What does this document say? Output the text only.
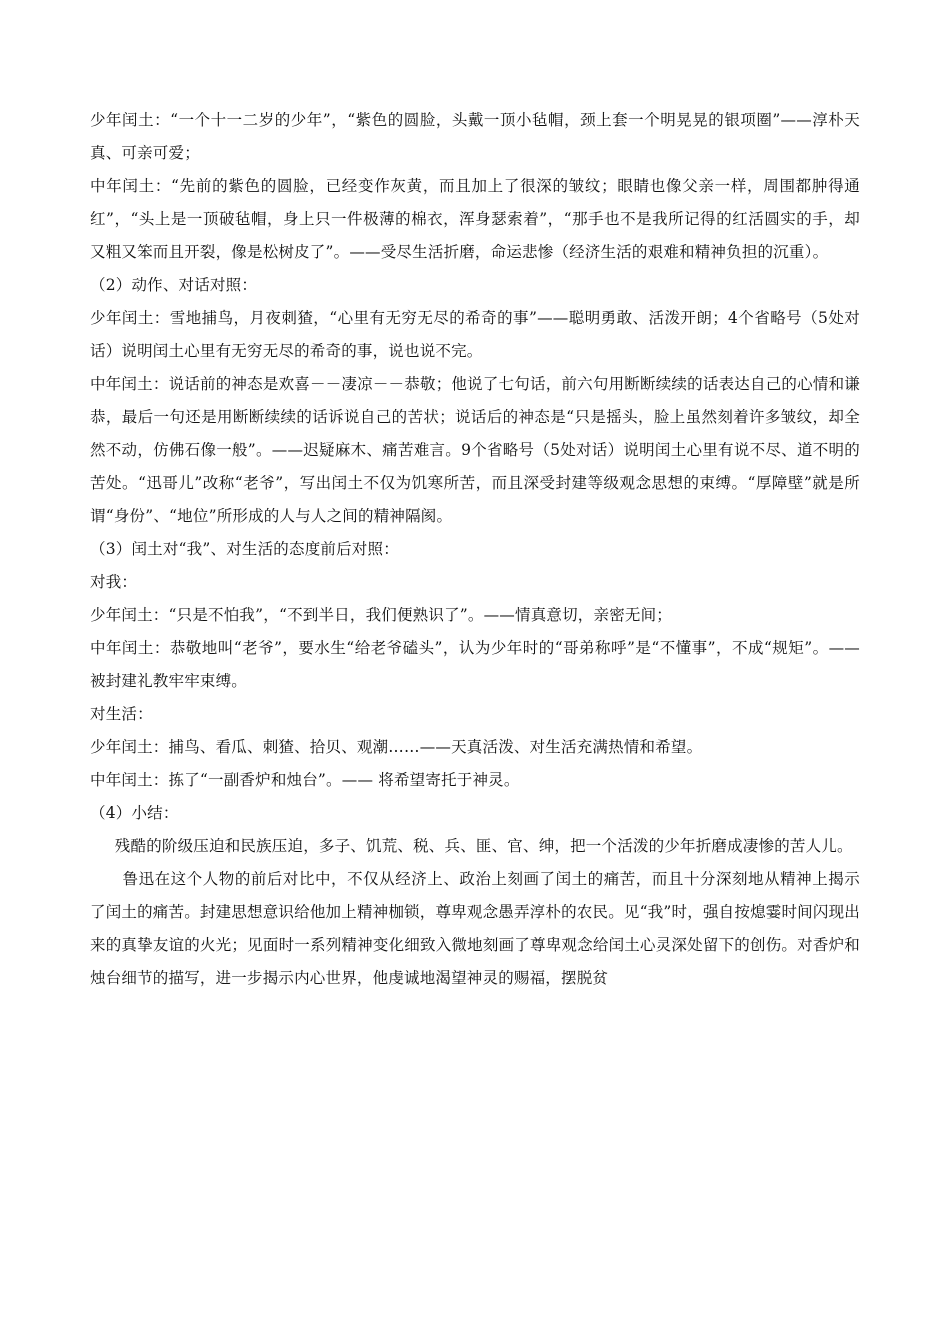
少年闰土：“一个十一二岁的少年”，“紫色的圆脸，头戴一顶小毡帽，颈上套一个明晃晃的银项圈”——淳朴天真、可亲可爱；

中年闰土：“先前的紫色的圆脸，已经变作灰黄，而且加上了很深的皱纹；眼睛也像父亲一样，周围都肿得通红”，“头上是一顶破毡帽，身上只一件极薄的棉衣，浑身瑟索着”，“那手也不是我所记得的红活圆实的手，却又粗又笨而且开裂，像是松树皮了”。——受尽生活折磨，命运悲惨（经济生活的艰难和精神负担的沉重）。

（2）动作、对话对照：

少年闰土：雪地捕鸟，月夜刺猹，“心里有无穷无尽的希奇的事”——聪明勇敢、活泼开朗；4个省略号（5处对话）说明闰土心里有无穷无尽的希奇的事，说也说不完。

中年闰土：说话前的神态是欢喜－－凄凉－－恭敬；他说了七句话，前六句用断断续续的话表达自己的心情和谦恭，最后一句还是用断断续续的话诉说自己的苦状；说话后的神态是“只是摇头，脸上虽然刻着许多皱纹，却全然不动，仿佛石像一般”。——迟疑麻木、痛苦难言。9个省略号（5处对话）说明闰土心里有说不尽、道不明的苦处。“迅哥儿”改称“老爷”，写出闰土不仅为饥寒所苦，而且深受封建等级观念思想的束缚。“厚障壁”就是所谓“身份”、“地位”所形成的人与人之间的精神隔阂。

（3）闰土对“我”、对生活的态度前后对照：

对我：

少年闰土：“只是不怕我”，“不到半日，我们便熟识了”。——情真意切，亲密无间；

中年闰土：恭敬地叫“老爷”，要水生“给老爷磕头”，认为少年时的“哥弟称呼”是“不懂事”，不成“规矩”。——被封建礼教牢牢束缚。

对生活：

少年闰土：捕鸟、看瓜、刺猹、拾贝、观潮……——天真活泼、对生活充满热情和希望。

中年闰土：拣了“一副香炉和烛台”。—— 将希望寄托于神灵。

（4）小结：

残酷的阶级压迫和民族压迫，多子、饥荒、税、兵、匪、官、绅，把一个活泼的少年折磨成凄惨的苦人儿。

鲁迅在这个人物的前后对比中，不仅从经济上、政治上刻画了闰土的痛苦，而且十分深刻地从精神上揭示了闰土的痛苦。封建思想意识给他加上精神枷锁，尊卑观念愚弄淳朴的农民。见“我”时，强自按熄霎时间闪现出来的真挚友谊的火光；见面时一系列精神变化细致入微地刻画了尊卑观念给闰土心灵深处留下的创伤。对香炉和烛台细节的描写，进一步揭示内心世界，他虔诚地渴望神灵的赐福，摆脱贫
